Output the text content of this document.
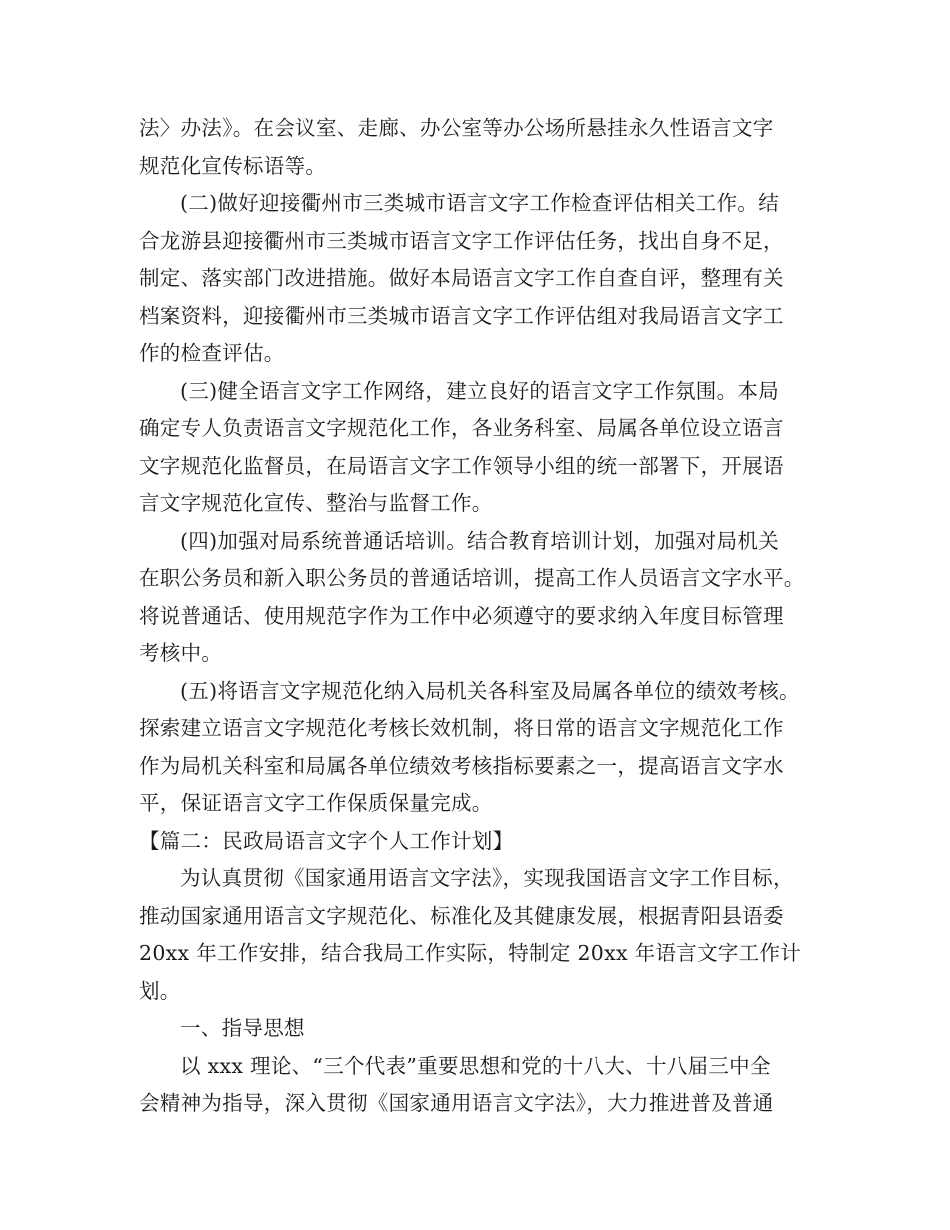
法〉办法》。在会议室、走廊、办公室等办公场所悬挂永久性语言文字
规范化宣传标语等。
(二)做好迎接衢州市三类城市语言文字工作检查评估相关工作。结
合龙游县迎接衢州市三类城市语言文字工作评估任务，找出自身不足，
制定、落实部门改进措施。做好本局语言文字工作自查自评，整理有关
档案资料，迎接衢州市三类城市语言文字工作评估组对我局语言文字工
作的检查评估。
(三)健全语言文字工作网络，建立良好的语言文字工作氛围。本局
确定专人负责语言文字规范化工作，各业务科室、局属各单位设立语言
文字规范化监督员，在局语言文字工作领导小组的统一部署下，开展语
言文字规范化宣传、整治与监督工作。
(四)加强对局系统普通话培训。结合教育培训计划，加强对局机关
在职公务员和新入职公务员的普通话培训，提高工作人员语言文字水平。
将说普通话、使用规范字作为工作中必须遵守的要求纳入年度目标管理
考核中。
(五)将语言文字规范化纳入局机关各科室及局属各单位的绩效考核。
探索建立语言文字规范化考核长效机制，将日常的语言文字规范化工作
作为局机关科室和局属各单位绩效考核指标要素之一，提高语言文字水
平，保证语言文字工作保质保量完成。
【篇二：民政局语言文字个人工作计划】
为认真贯彻《国家通用语言文字法》，实现我国语言文字工作目标，
推动国家通用语言文字规范化、标准化及其健康发展，根据青阳县语委
20xx 年工作安排，结合我局工作实际，特制定 20xx 年语言文字工作计
划。
一、指导思想
以 xxx 理论、“三个代表”重要思想和党的十八大、十八届三中全
会精神为指导，深入贯彻《国家通用语言文字法》，大力推进普及普通
